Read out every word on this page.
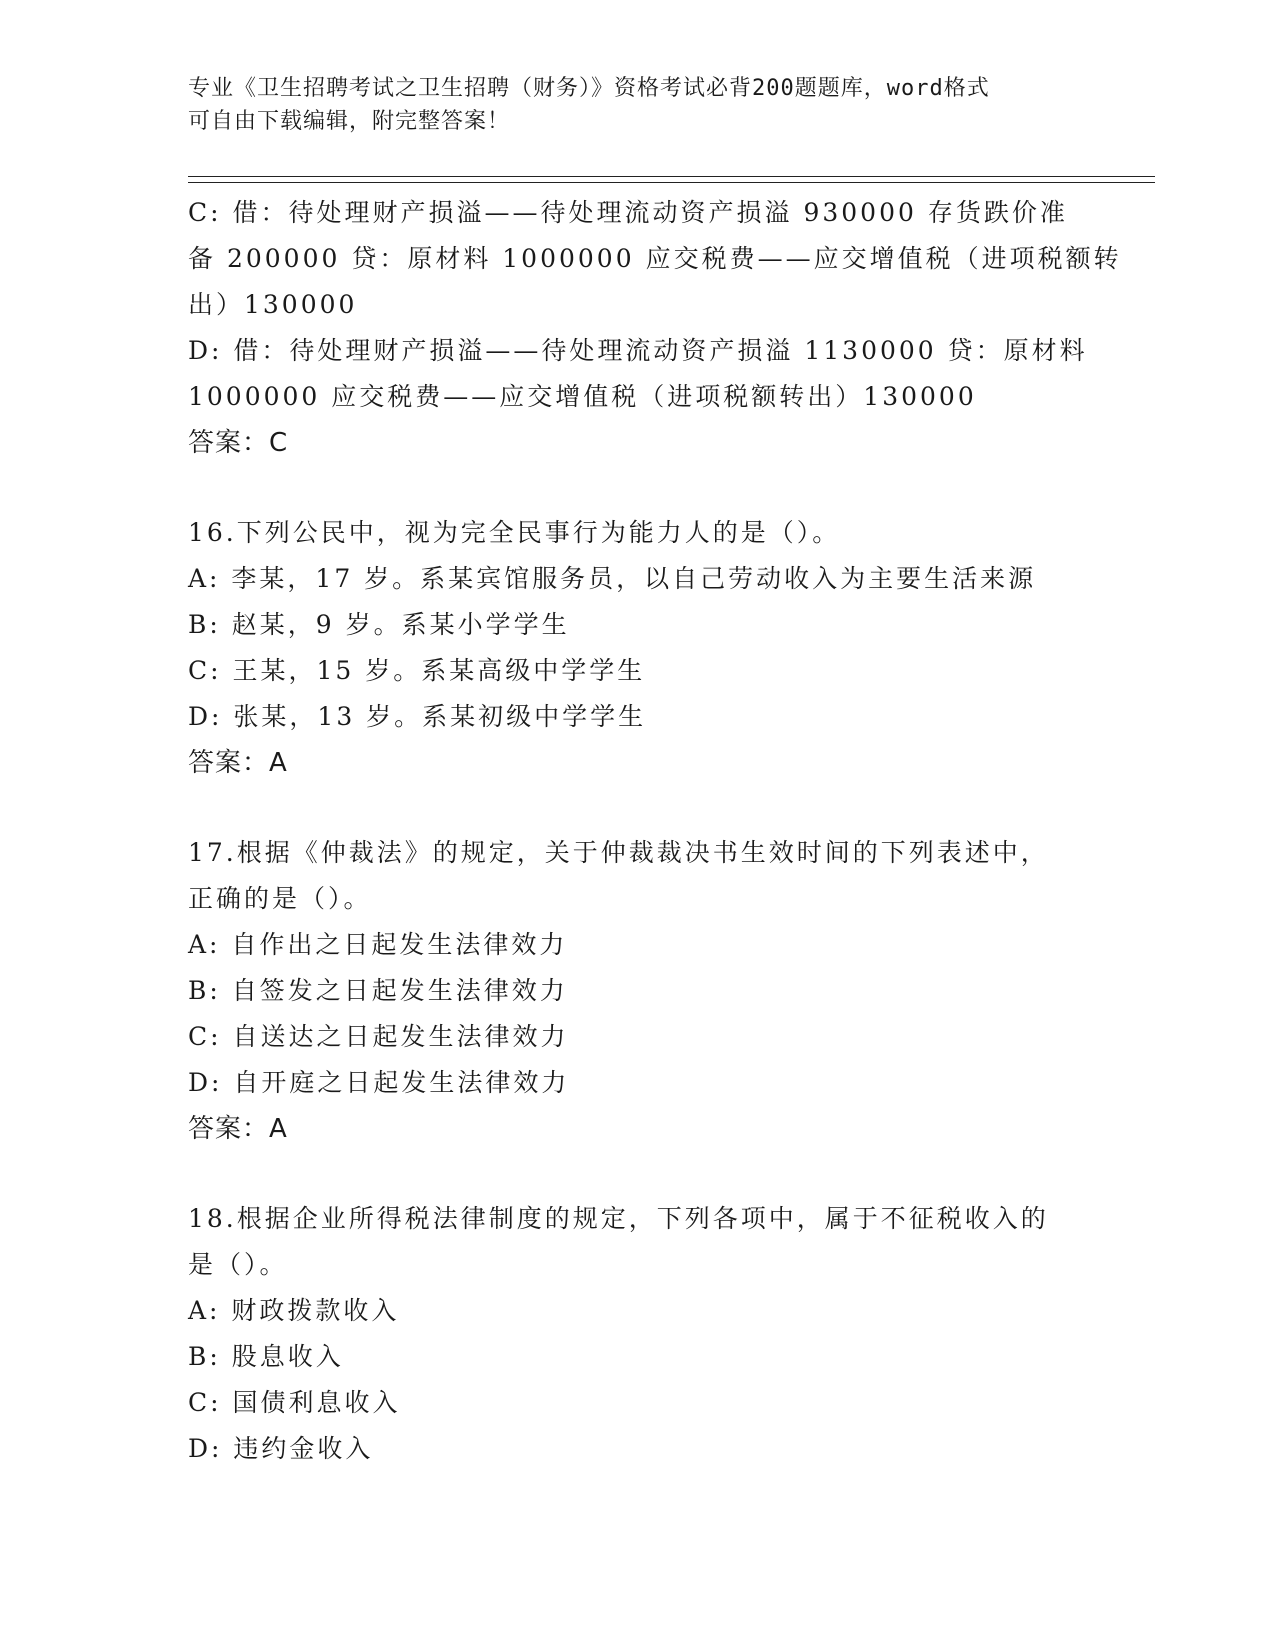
专业《卫生招聘考试之卫生招聘（财务）》资格考试必背200题题库，word格式
可自由下载编辑，附完整答案！
C: 借：待处理财产损溢——待处理流动资产损溢 930000 存货跌价准
备 200000 贷：原材料 1000000 应交税费——应交增值税（进项税额转
出）130000
D: 借：待处理财产损溢——待处理流动资产损溢 1130000 贷：原材料
1000000 应交税费——应交增值税（进项税额转出）130000
答案：C
16.下列公民中，视为完全民事行为能力人的是（）。
A: 李某，17 岁。系某宾馆服务员，以自己劳动收入为主要生活来源
B: 赵某，9 岁。系某小学学生
C: 王某，15 岁。系某高级中学学生
D: 张某，13 岁。系某初级中学学生
答案：A
17.根据《仲裁法》的规定，关于仲裁裁决书生效时间的下列表述中，
正确的是（）。
A: 自作出之日起发生法律效力
B: 自签发之日起发生法律效力
C: 自送达之日起发生法律效力
D: 自开庭之日起发生法律效力
答案：A
18.根据企业所得税法律制度的规定，下列各项中，属于不征税收入的
是（）。
A: 财政拨款收入
B: 股息收入
C: 国债利息收入
D: 违约金收入
